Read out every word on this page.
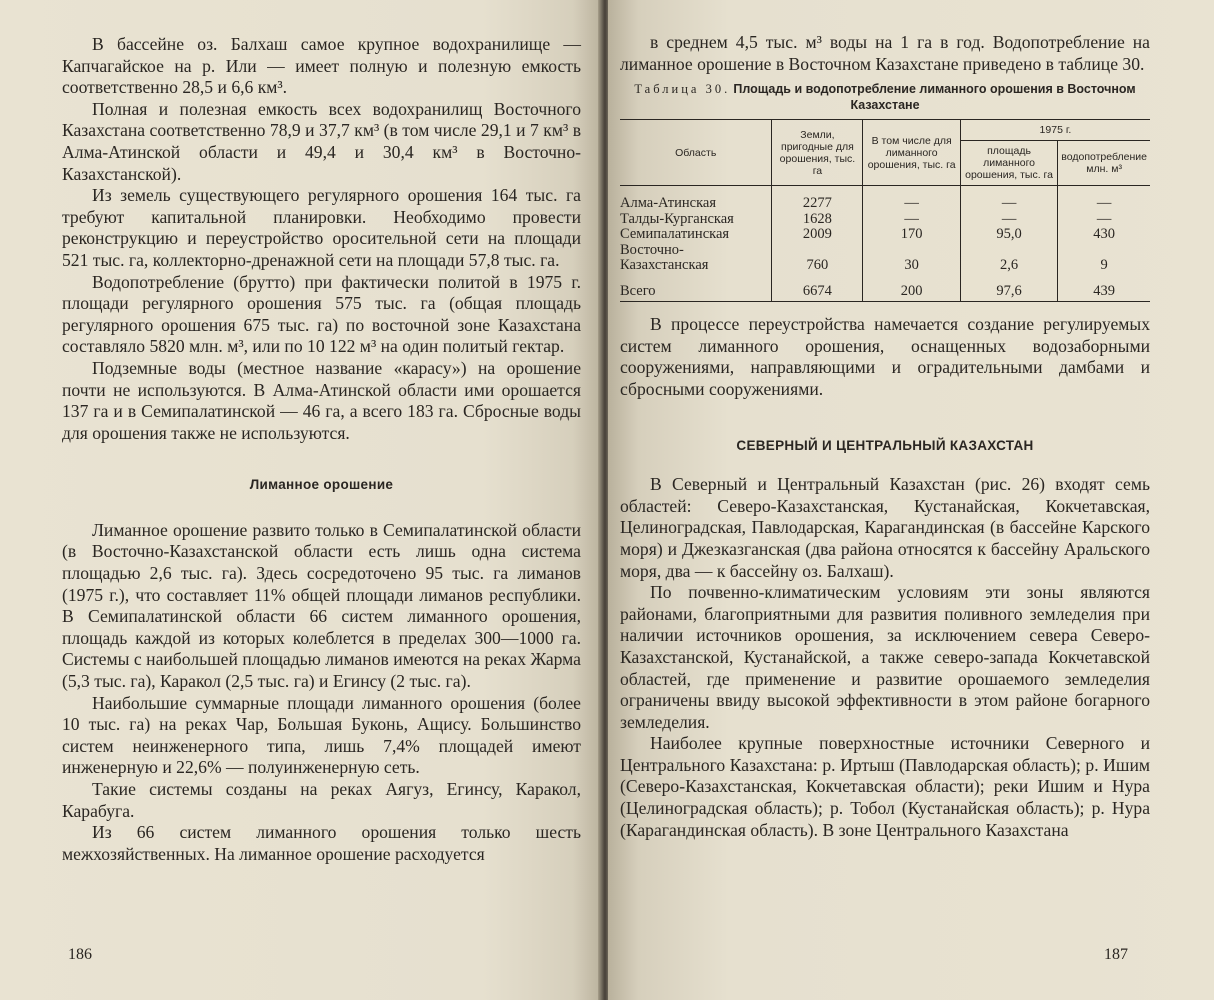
В бассейне оз. Балхаш самое крупное водохранилище — Капчагайское на р. Или — имеет полную и полезную емкость соответственно 28,5 и 6,6 км³.

Полная и полезная емкость всех водохранилищ Восточного Казахстана соответственно 78,9 и 37,7 км³ (в том числе 29,1 и 7 км³ в Алма-Атинской области и 49,4 и 30,4 км³ в Восточно-Казахстанской).

Из земель существующего регулярного орошения 164 тыс. га требуют капитальной планировки. Необходимо провести реконструкцию и переустройство оросительной сети на площади 521 тыс. га, коллекторно-дренажной сети на площади 57,8 тыс. га.

Водопотребление (брутто) при фактически политой в 1975 г. площади регулярного орошения 575 тыс. га (общая площадь регулярного орошения 675 тыс. га) по восточной зоне Казахстана составляло 5820 млн. м³, или по 10 122 м³ на один политый гектар.

Подземные воды (местное название «карасу») на орошение почти не используются. В Алма-Атинской области ими орошается 137 га и в Семипалатинской — 46 га, а всего 183 га. Сбросные воды для орошения также не используются.

Лиманное орошение

Лиманное орошение развито только в Семипалатинской области (в Восточно-Казахстанской области есть лишь одна система площадью 2,6 тыс. га). Здесь сосредоточено 95 тыс. га лиманов (1975 г.), что составляет 11% общей площади лиманов республики. В Семипалатинской области 66 систем лиманного орошения, площадь каждой из которых колеблется в пределах 300—1000 га. Системы с наибольшей площадью лиманов имеются на реках Жарма (5,3 тыс. га), Каракол (2,5 тыс. га) и Егинсу (2 тыс. га).

Наибольшие суммарные площади лиманного орошения (более 10 тыс. га) на реках Чар, Большая Буконь, Ащису. Большинство систем неинженерного типа, лишь 7,4% площадей имеют инженерную и 22,6% — полуинженерную сеть.

Такие системы созданы на реках Аягуз, Егинсу, Каракол, Карабуга.

Из 66 систем лиманного орошения только шесть межхозяйственных. На лиманное орошение расходуется

186

в среднем 4,5 тыс. м³ воды на 1 га в год. Водопотребление на лиманное орошение в Восточном Казахстане приведено в таблице 30.

Таблица 30. Площадь и водопотребление лиманного орошения в Восточном Казахстане
Область	Земли, пригодные для орошения, тыс. га	В том числе для лиманного орошения, тыс. га	1975 г.	
			площадь лиманного орошения, тыс. га	водопотребление млн. м³
Алма-Атинская	2277	—	—	—
Талды-Курганская	1628	—	—	—
Семипалатинская	2009	170	95,0	430
Восточно-Казахстанская	760	30	2,6	9
Всего	6674	200	97,6	439

В процессе переустройства намечается создание регулируемых систем лиманного орошения, оснащенных водозаборными сооружениями, направляющими и оградительными дамбами и сбросными сооружениями.

СЕВЕРНЫЙ И ЦЕНТРАЛЬНЫЙ КАЗАХСТАН

В Северный и Центральный Казахстан (рис. 26) входят семь областей: Северо-Казахстанская, Кустанайская, Кокчетавская, Целиноградская, Павлодарская, Карагандинская (в бассейне Карского моря) и Джезказганская (два района относятся к бассейну Аральского моря, два — к бассейну оз. Балхаш).

По почвенно-климатическим условиям эти зоны являются районами, благоприятными для развития поливного земледелия при наличии источников орошения, за исключением севера Северо-Казахстанской, Кустанайской, а также северо-запада Кокчетавской областей, где применение и развитие орошаемого земледелия ограничены ввиду высокой эффективности в этом районе богарного земледелия.

Наиболее крупные поверхностные источники Северного и Центрального Казахстана: р. Иртыш (Павлодарская область); р. Ишим (Северо-Казахстанская, Кокчетавская области); реки Ишим и Нура (Целиноградская область); р. Тобол (Кустанайская область); р. Нура (Карагандинская область). В зоне Центрального Казахстана

187
